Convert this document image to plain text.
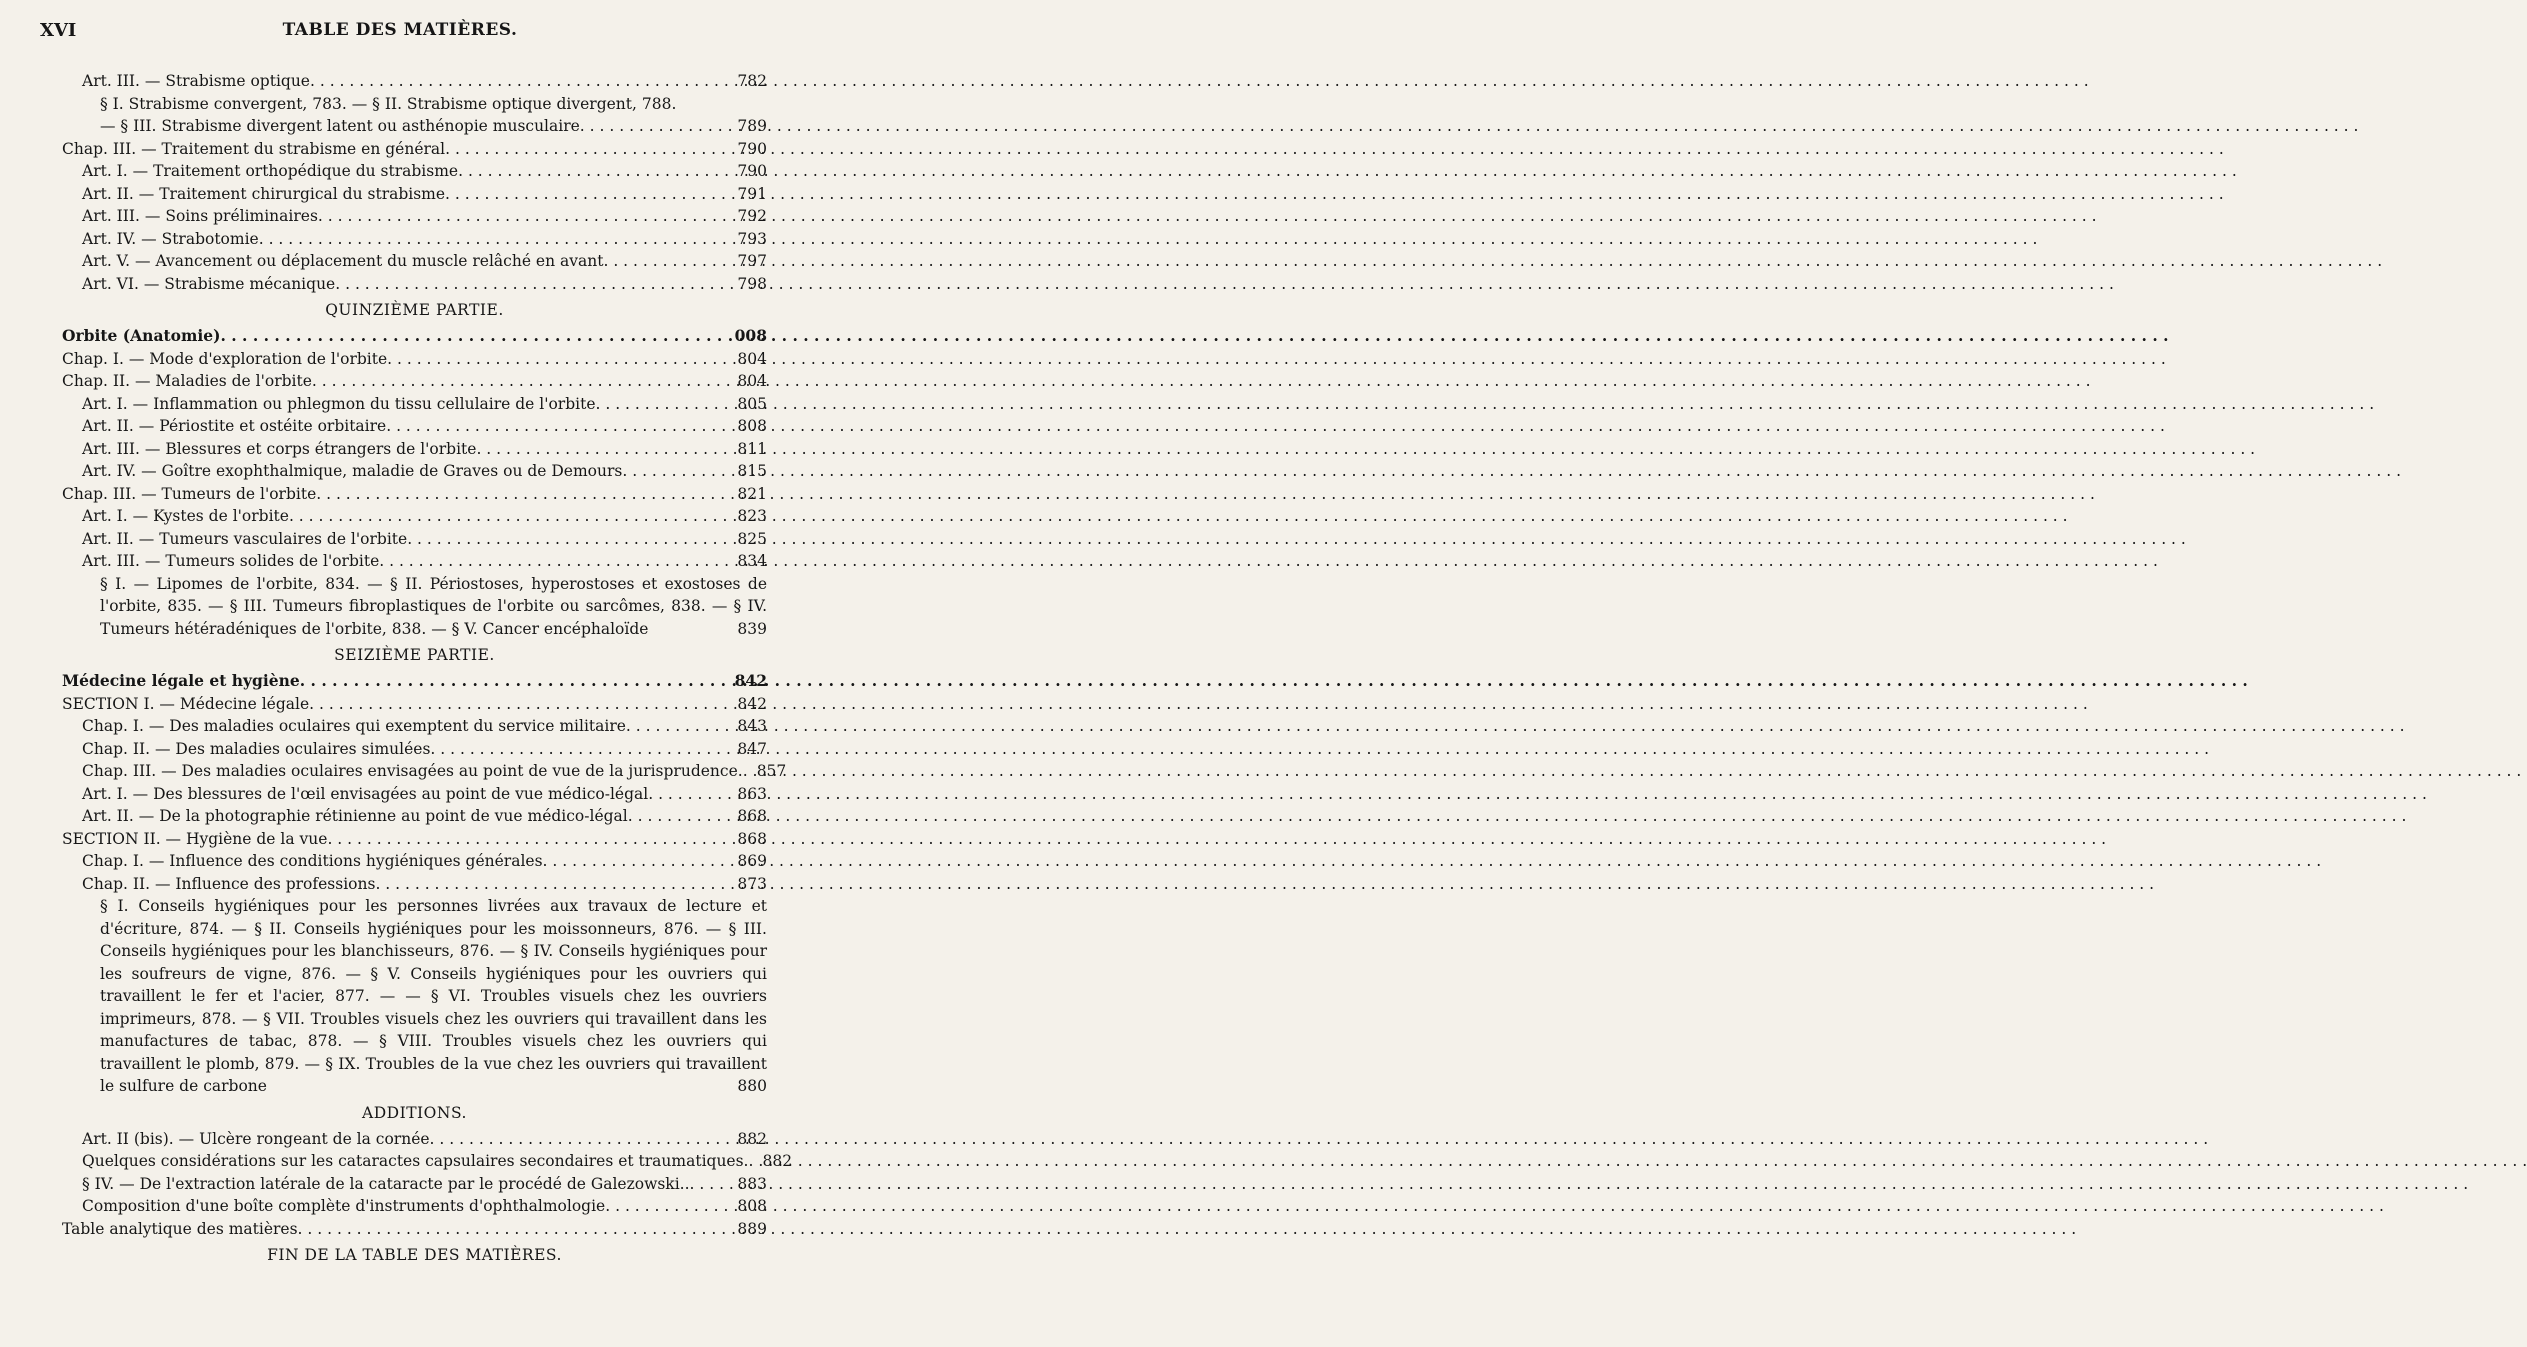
XVI	TABLE DES MATIÈRES.
Art. III. — Strabisme optique . . .	782
§ I. Strabisme convergent, 783. — § II. Strabisme optique divergent, 788.
— § III. Strabisme divergent latent ou asthénopie musculaire . . .	789
Chap. III. — Traitement du strabisme en général . . .	790
Art. I. — Traitement orthopédique du strabisme . . .	790
Art. II. — Traitement chirurgical du strabisme . . .	791
Art. III. — Soins préliminaires . . .	792
Art. IV. — Strabotomie . . .	793
Art. V. — Avancement ou déplacement du muscle relâché en avant . . .	797
Art. VI. — Strabisme mécanique . . .	798
QUINZIÈME PARTIE.
Orbite (Anatomie) . . .	008
Chap. I. — Mode d'exploration de l'orbite . . .	804
Chap. II. — Maladies de l'orbite . . .	804
Art. I. — Inflammation ou phlegmon du tissu cellulaire de l'orbite . . .	805
Art. II. — Périostite et ostéite orbitaire . . .	808
Art. III. — Blessures et corps étrangers de l'orbite . . .	811
Art. IV. — Goître exophthalmique, maladie de Graves ou de Demours . . .	815
Chap. III. — Tumeurs de l'orbite . . .	821
Art. I. — Kystes de l'orbite . . .	823
Art. II. — Tumeurs vasculaires de l'orbite . . .	825
Art. III. — Tumeurs solides de l'orbite . . .	834
§ I. — Lipomes de l'orbite, 834. — § II. Périostoses, hyperostoses et exostoses de l'orbite, 835. — § III. Tumeurs fibroplastiques de l'orbite ou sarcômes, 838. — § IV. Tumeurs hétéradéniques de l'orbite, 838. — § V. Cancer encéphaloïde	839
SEIZIÈME PARTIE.
Médecine légale et hygiène . . .	842
SECTION I. — Médecine légale . . .	842
Chap. I. — Des maladies oculaires qui exemptent du service militaire . . .	843
Chap. II. — Des maladies oculaires simulées . . .	847
Chap. III. — Des maladies oculaires envisagées au point de vue de la jurisprudence. . . . 857
Art. I. — Des blessures de l'œil envisagées au point de vue médico-légal . . .	863
Art. II. — De la photographie rétinienne au point de vue médico-légal . . .	868
SECTION II. — Hygiène de la vue . . .	868
Chap. I. — Influence des conditions hygiéniques générales . . .	869
Chap. II. — Influence des professions . . .	873
§ I. Conseils hygiéniques pour les personnes livrées aux travaux de lecture et d'écriture, 874. — § II. Conseils hygiéniques pour les moissonneurs, 876. — § III. Conseils hygiéniques pour les blanchisseurs, 876. — § IV. Conseils hygiéniques pour les soufreurs de vigne, 876. — § V. Conseils hygiéniques pour les ouvriers qui travaillent le fer et l'acier, 877. — — § VI. Troubles visuels chez les ouvriers imprimeurs, 878. — § VII. Troubles visuels chez les ouvriers qui travaillent dans les manufactures de tabac, 878. — § VIII. Troubles visuels chez les ouvriers qui travaillent le plomb, 879. — § IX. Troubles de la vue chez les ouvriers qui travaillent le sulfure de carbone	880
ADDITIONS.
Art. II (bis). — Ulcère rongeant de la cornée . . .	882
Quelques considérations sur les cataractes capsulaires secondaires et traumatiques. . . . 882
§ IV. — De l'extraction latérale de la cataracte par le procédé de Galezowski.. . . .	883
Composition d'une boîte complète d'instruments d'ophthalmologie . . .	808
Table analytique des matières . . .	889
FIN DE LA TABLE DES MATIÈRES.
